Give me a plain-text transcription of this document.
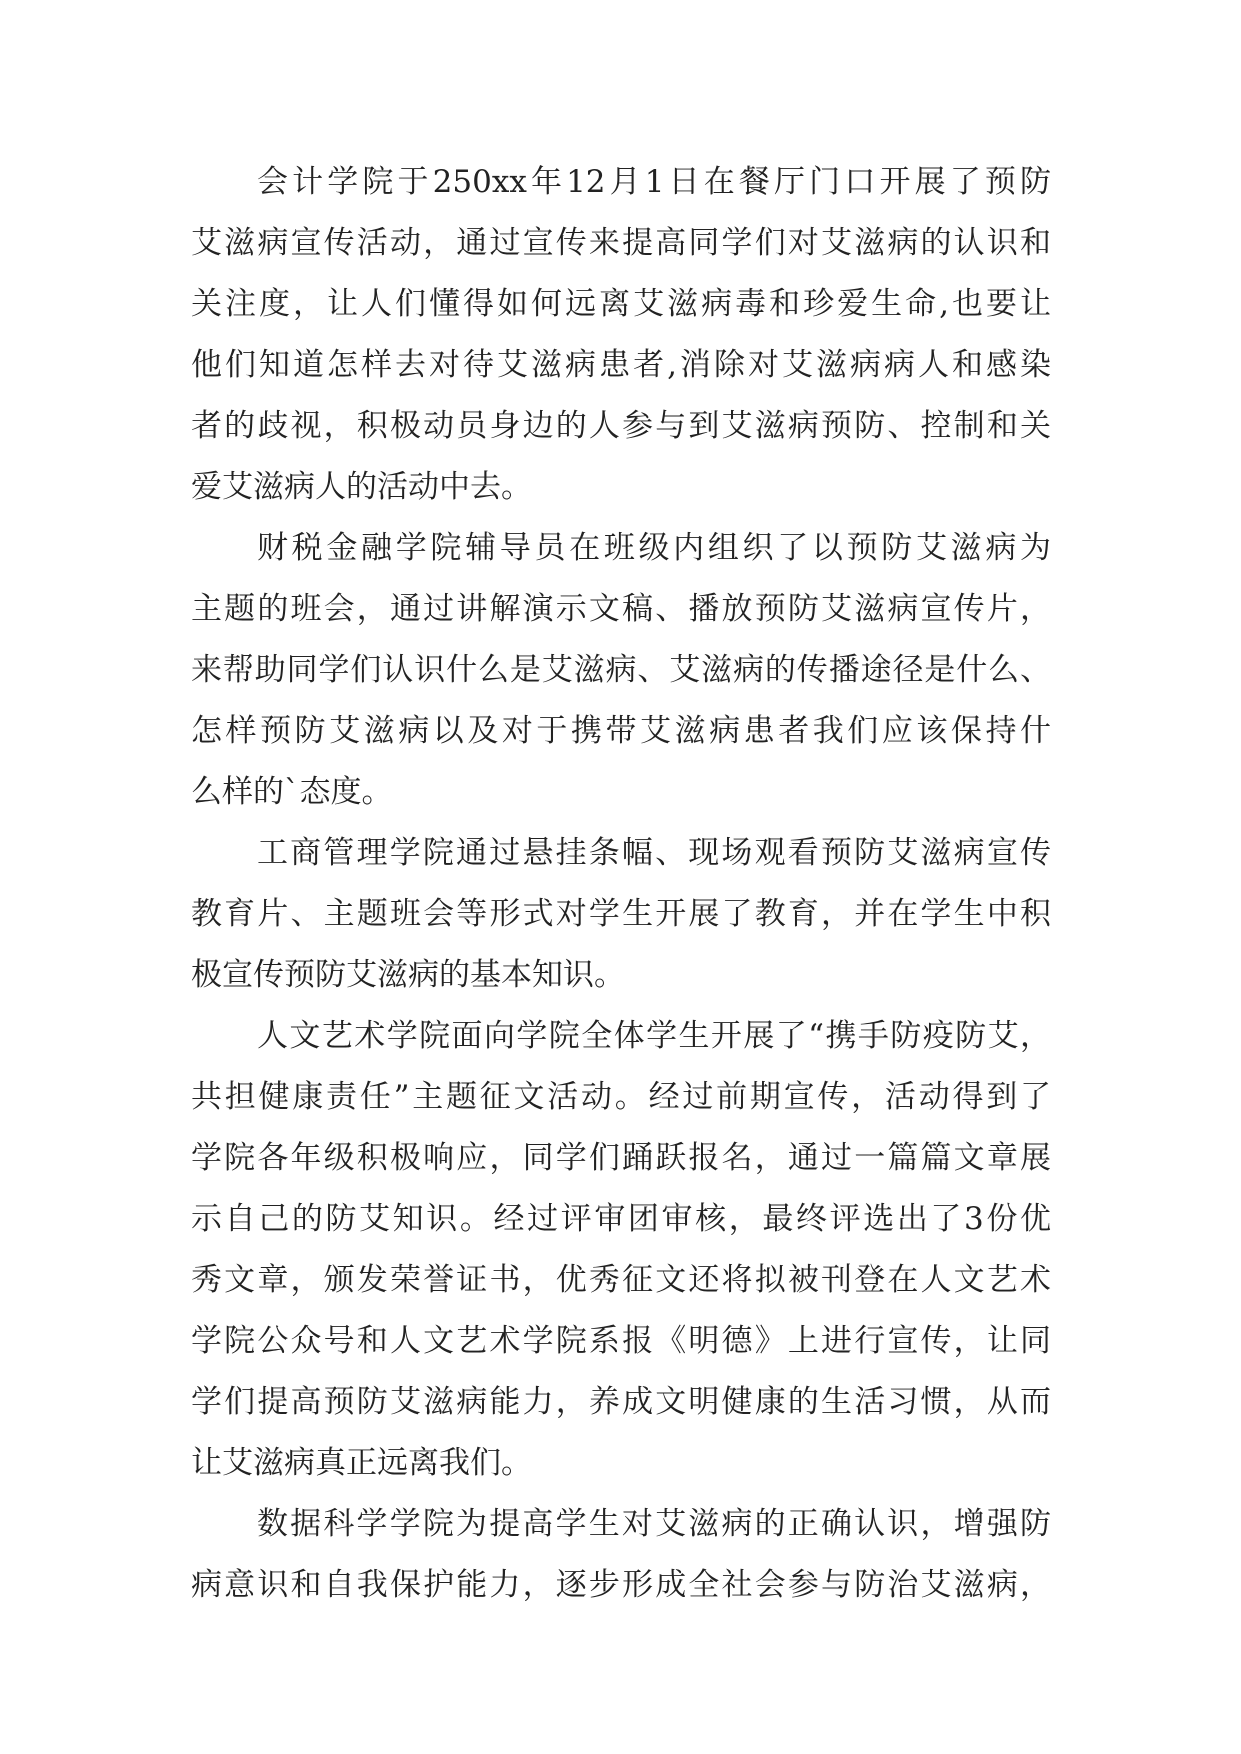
会计学院于250xx年12月1日在餐厅门口开展了预防
艾滋病宣传活动，通过宣传来提高同学们对艾滋病的认识和
关注度，让人们懂得如何远离艾滋病毒和珍爱生命,也要让
他们知道怎样去对待艾滋病患者,消除对艾滋病病人和感染
者的歧视，积极动员身边的人参与到艾滋病预防、控制和关
爱艾滋病人的活动中去。
财税金融学院辅导员在班级内组织了以预防艾滋病为
主题的班会，通过讲解演示文稿、播放预防艾滋病宣传片，
来帮助同学们认识什么是艾滋病、艾滋病的传播途径是什么、
怎样预防艾滋病以及对于携带艾滋病患者我们应该保持什
么样的`态度。
工商管理学院通过悬挂条幅、现场观看预防艾滋病宣传
教育片、主题班会等形式对学生开展了教育，并在学生中积
极宣传预防艾滋病的基本知识。
人文艺术学院面向学院全体学生开展了“携手防疫防艾，
共担健康责任”主题征文活动。经过前期宣传，活动得到了
学院各年级积极响应，同学们踊跃报名，通过一篇篇文章展
示自己的防艾知识。经过评审团审核，最终评选出了3份优
秀文章，颁发荣誉证书，优秀征文还将拟被刊登在人文艺术
学院公众号和人文艺术学院系报《明德》上进行宣传，让同
学们提高预防艾滋病能力，养成文明健康的生活习惯，从而
让艾滋病真正远离我们。
数据科学学院为提高学生对艾滋病的正确认识，增强防
病意识和自我保护能力，逐步形成全社会参与防治艾滋病，
